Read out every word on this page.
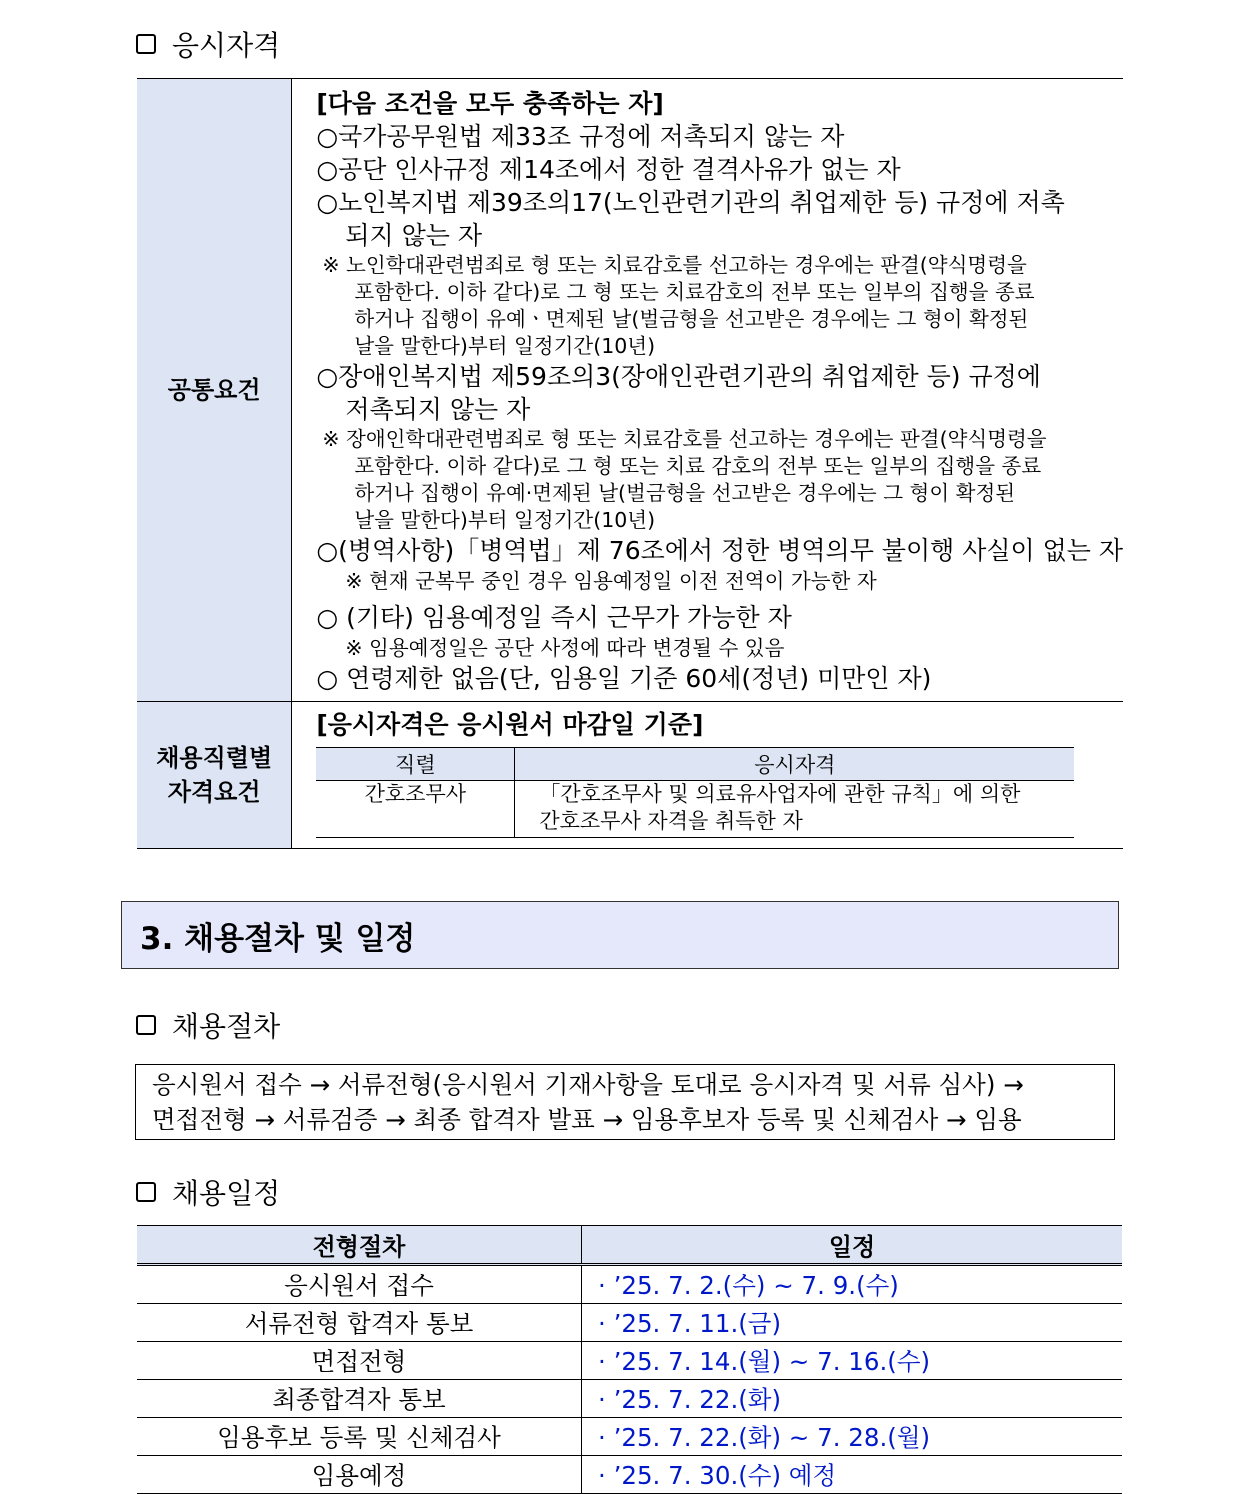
응시자격
공통요건	
[다음 조건을 모두 충족하는 자]
○국가공무원법 제33조 규정에 저촉되지 않는 자
○공단 인사규정 제14조에서 정한 결격사유가 없는 자
○노인복지법 제39조의17(노인관련기관의 취업제한 등) 규정에 저촉
되지 않는 자
※ 노인학대관련범죄로 형 또는 치료감호를 선고하는 경우에는 판결(약식명령을
포함한다. 이하 같다)로 그 형 또는 치료감호의 전부 또는 일부의 집행을 종료
하거나 집행이 유예ㆍ면제된 날(벌금형을 선고받은 경우에는 그 형이 확정된
날을 말한다)부터 일정기간(10년)
○장애인복지법 제59조의3(장애인관련기관의 취업제한 등) 규정에
저촉되지 않는 자
※ 장애인학대관련범죄로 형 또는 치료감호를 선고하는 경우에는 판결(약식명령을
포함한다. 이하 같다)로 그 형 또는 치료 감호의 전부 또는 일부의 집행을 종료
하거나 집행이 유예·면제된 날(벌금형을 선고받은 경우에는 그 형이 확정된
날을 말한다)부터 일정기간(10년)
○(병역사항)「병역법」제 76조에서 정한 병역의무 불이행 사실이 없는 자
※ 현재 군복무 중인 경우 임용예정일 이전 전역이 가능한 자
○ (기타) 임용예정일 즉시 근무가 가능한 자
※ 임용예정일은 공단 사정에 따라 변경될 수 있음
○ 연령제한 없음(단, 임용일 기준 60세(정년) 미만인 자)

채용직렬별
자격요건

[응시자격은 응시원서 마감일 기준]
직렬	응시자격
간호조무사	「간호조무사 및 의료유사업자에 관한 규칙」에 의한
간호조무사 자격을 취득한 자
3. 채용절차 및 일정
채용절차
응시원서 접수 → 서류전형(응시원서 기재사항을 토대로 응시자격 및 서류 심사) →
면접전형 → 서류검증 → 최종 합격자 발표 → 임용후보자 등록 및 신체검사 → 임용
채용일정
전형절차	일정
응시원서 접수	· ’25. 7. 2.(수) ~ 7. 9.(수)
서류전형 합격자 통보	· ’25. 7. 11.(금)
면접전형	· ’25. 7. 14.(월) ~ 7. 16.(수)
최종합격자 통보	· ’25. 7. 22.(화)
임용후보 등록 및 신체검사	· ’25. 7. 22.(화) ~ 7. 28.(월)
임용예정	· ’25. 7. 30.(수) 예정
